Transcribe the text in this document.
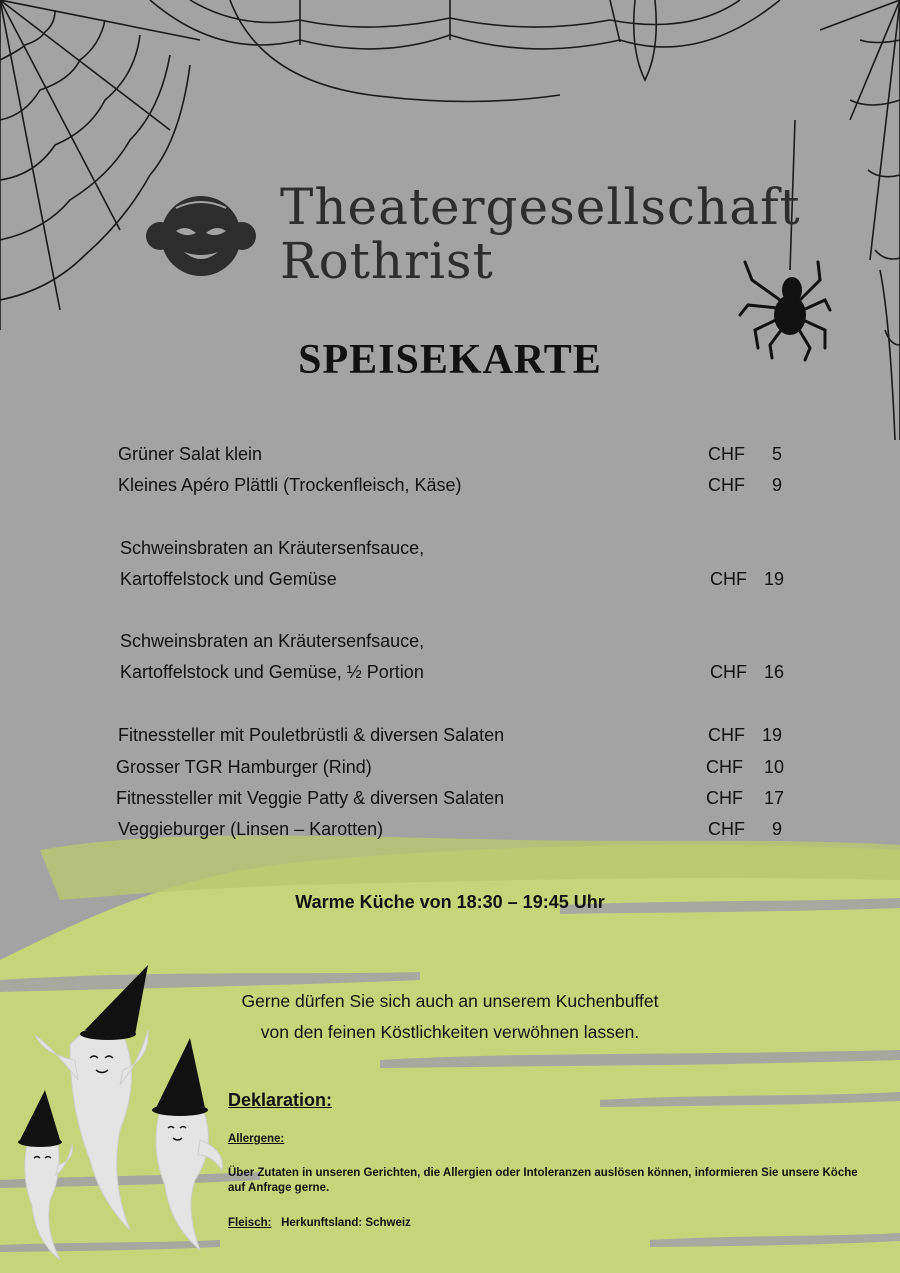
Theatergesellschaft
Rothrist
SPEISEKARTE
Grüner Salat klein	CHF	5
Kleines Apéro Plättli (Trockenfleisch, Käse)	CHF	9
Schweinsbraten an Kräutersenfsauce,
Kartoffelstock und Gemüse	CHF 19
Schweinsbraten an Kräutersenfsauce,
Kartoffelstock und Gemüse, ½ Portion	CHF 16
Fitnessteller mit Pouletbrüstli & diversen Salaten	CHF 19
Grosser TGR Hamburger (Rind)	CHF	10
Fitnessteller mit Veggie Patty & diversen Salaten	CHF	17
Veggieburger (Linsen – Karotten)	CHF	9
Warme Küche von 18:30 – 19:45 Uhr
Gerne dürfen Sie sich auch an unserem Kuchenbuffet
von den feinen Köstlichkeiten verwöhnen lassen.
Deklaration:
Allergene:
Über Zutaten in unseren Gerichten, die Allergien oder Intoleranzen auslösen können, informieren Sie unsere Köche auf Anfrage gerne.
Fleisch: Herkunftsland: Schweiz
